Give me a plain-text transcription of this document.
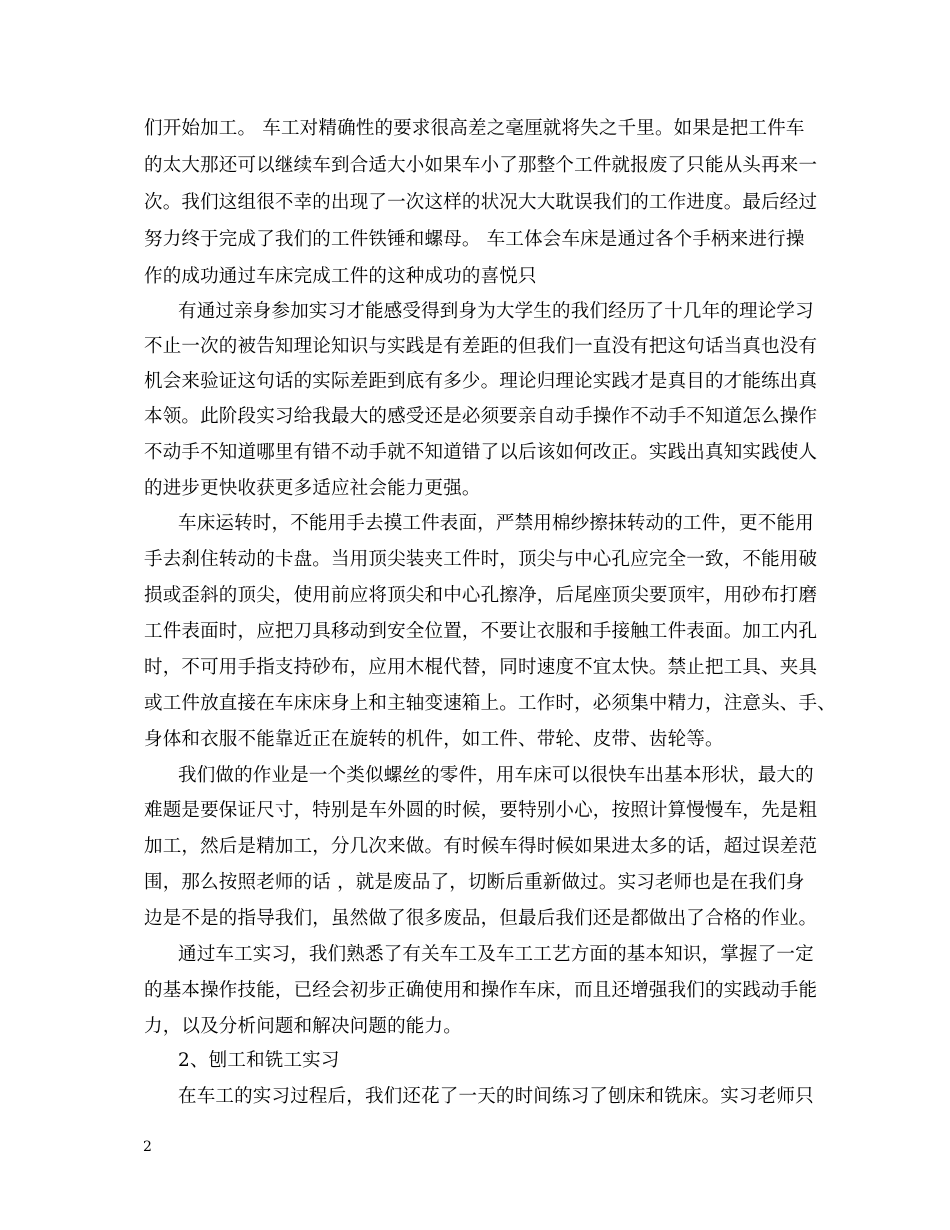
们开始加工。 车工对精确性的要求很高差之毫厘就将失之千里。如果是把工件车
的太大那还可以继续车到合适大小如果车小了那整个工件就报废了只能从头再来一
次。我们这组很不幸的出现了一次这样的状况大大耽误我们的工作进度。最后经过
努力终于完成了我们的工件铁锤和螺母。 车工体会车床是通过各个手柄来进行操
作的成功通过车床完成工件的这种成功的喜悦只
有通过亲身参加实习才能感受得到身为大学生的我们经历了十几年的理论学习
不止一次的被告知理论知识与实践是有差距的但我们一直没有把这句话当真也没有
机会来验证这句话的实际差距到底有多少。理论归理论实践才是真目的才能练出真
本领。此阶段实习给我最大的感受还是必须要亲自动手操作不动手不知道怎么操作
不动手不知道哪里有错不动手就不知道错了以后该如何改正。实践出真知实践使人
的进步更快收获更多适应社会能力更强。
车床运转时，不能用手去摸工件表面，严禁用棉纱擦抹转动的工件，更不能用
手去刹住转动的卡盘。当用顶尖装夹工件时，顶尖与中心孔应完全一致，不能用破
损或歪斜的顶尖，使用前应将顶尖和中心孔擦净，后尾座顶尖要顶牢，用砂布打磨
工件表面时，应把刀具移动到安全位置，不要让衣服和手接触工件表面。加工内孔
时，不可用手指支持砂布，应用木棍代替，同时速度不宜太快。禁止把工具、夹具
或工件放直接在车床床身上和主轴变速箱上。工作时，必须集中精力，注意头、手、
身体和衣服不能靠近正在旋转的机件，如工件、带轮、皮带、齿轮等。
我们做的作业是一个类似螺丝的零件，用车床可以很快车出基本形状，最大的
难题是要保证尺寸，特别是车外圆的时候，要特别小心，按照计算慢慢车，先是粗
加工，然后是精加工，分几次来做。有时候车得时候如果进太多的话，超过误差范
围，那么按照老师的话 ，就是废品了，切断后重新做过。实习老师也是在我们身
边是不是的指导我们，虽然做了很多废品，但最后我们还是都做出了合格的作业。
通过车工实习，我们熟悉了有关车工及车工工艺方面的基本知识，掌握了一定
的基本操作技能，已经会初步正确使用和操作车床，而且还增强我们的实践动手能
力，以及分析问题和解决问题的能力。
2、刨工和铣工实习
在车工的实习过程后，我们还花了一天的时间练习了刨床和铣床。实习老师只
2
